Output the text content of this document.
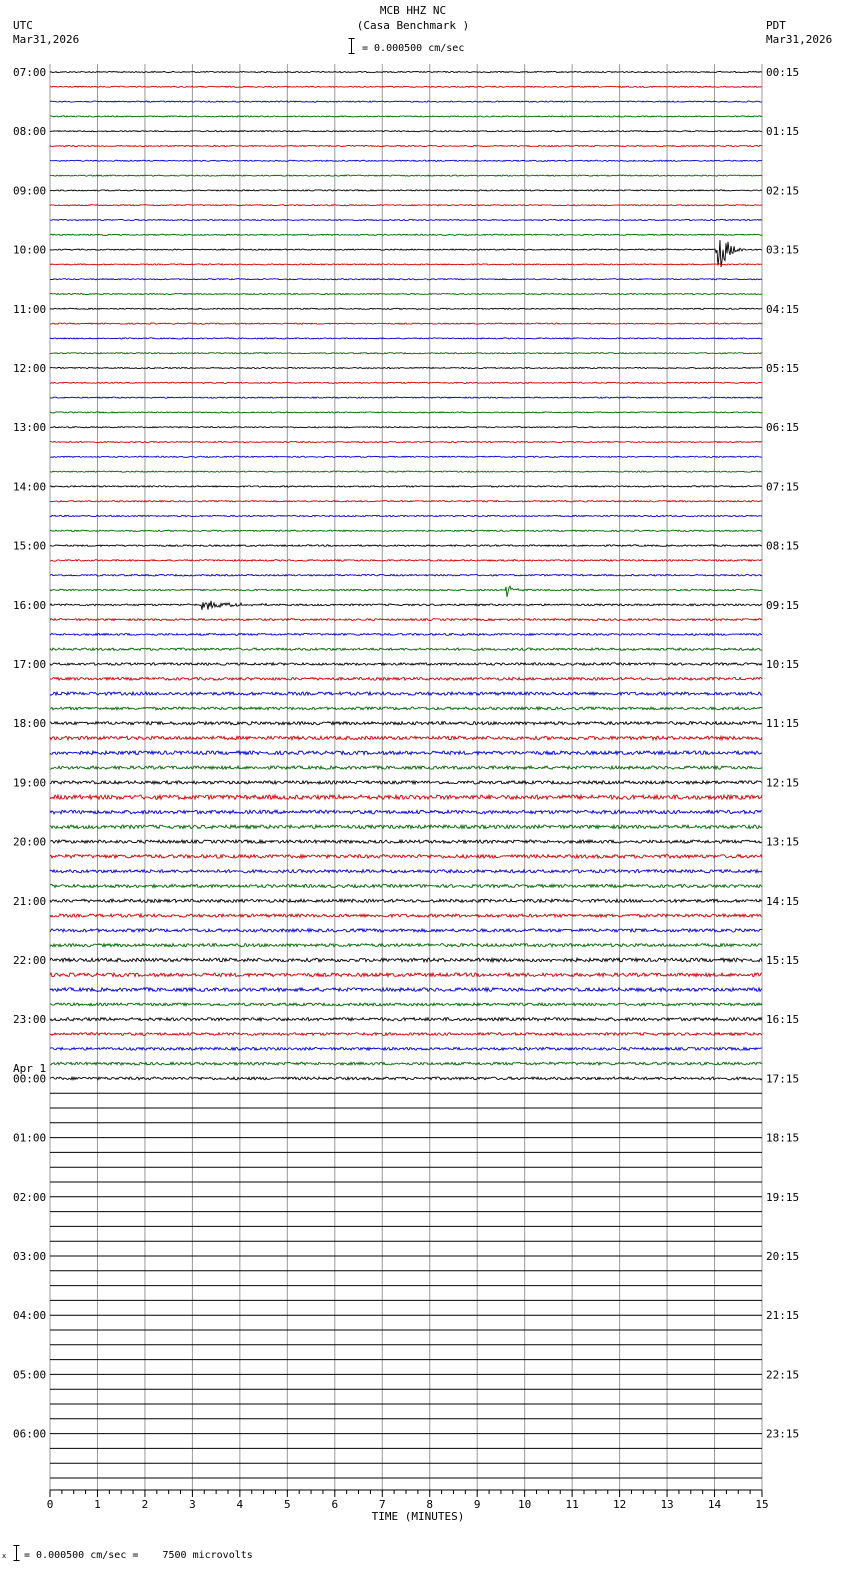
MCB HHZ NC
(Casa Benchmark )
= 0.000500 cm/sec
UTC
Mar31,2026
PDT
Mar31,2026
07:00
08:00
09:00
10:00
11:00
12:00
13:00
14:00
15:00
16:00
17:00
18:00
19:00
20:00
21:00
22:00
23:00
00:00
01:00
02:00
03:00
04:00
05:00
06:00
00:15
01:15
02:15
03:15
04:15
05:15
06:15
07:15
08:15
09:15
10:15
11:15
12:15
13:15
14:15
15:15
16:15
17:15
18:15
19:15
20:15
21:15
22:15
23:15
0	1	2	3	4	5	6	7	8	9	10	11	12	13	14	15
Apr 1
TIME (MINUTES)
x = 0.000500 cm/sec =    7500 microvolts
